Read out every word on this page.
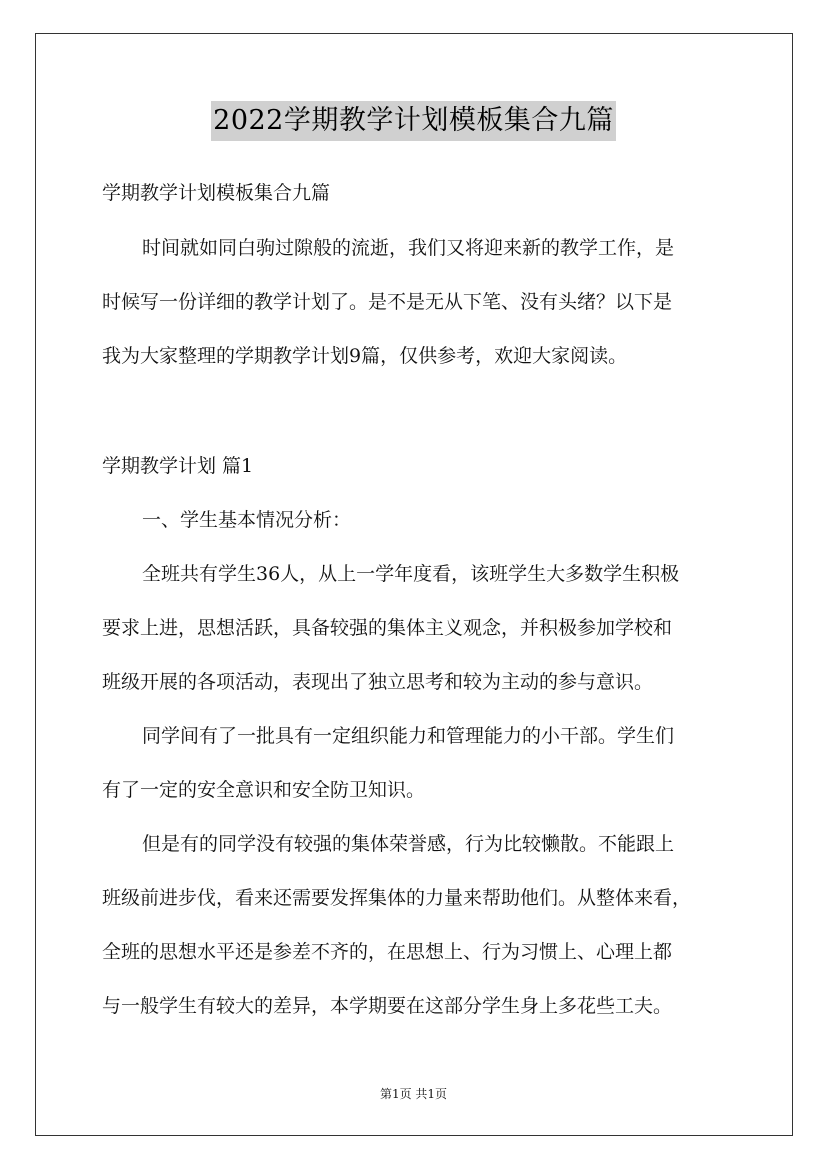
2022学期教学计划模板集合九篇

学期教学计划模板集合九篇

时间就如同白驹过隙般的流逝，我们又将迎来新的教学工作，是
时候写一份详细的教学计划了。是不是无从下笔、没有头绪？以下是
我为大家整理的学期教学计划9篇，仅供参考，欢迎大家阅读。

学期教学计划 篇1

一、学生基本情况分析：

全班共有学生36人，从上一学年度看，该班学生大多数学生积极
要求上进，思想活跃，具备较强的集体主义观念，并积极参加学校和
班级开展的各项活动，表现出了独立思考和较为主动的参与意识。
同学间有了一批具有一定组织能力和管理能力的小干部。学生们
有了一定的安全意识和安全防卫知识。
但是有的同学没有较强的集体荣誉感，行为比较懒散。不能跟上
班级前进步伐，看来还需要发挥集体的力量来帮助他们。从整体来看，
全班的思想水平还是参差不齐的，在思想上、行为习惯上、心理上都
与一般学生有较大的差异，本学期要在这部分学生身上多花些工夫。
第1页 共1页
